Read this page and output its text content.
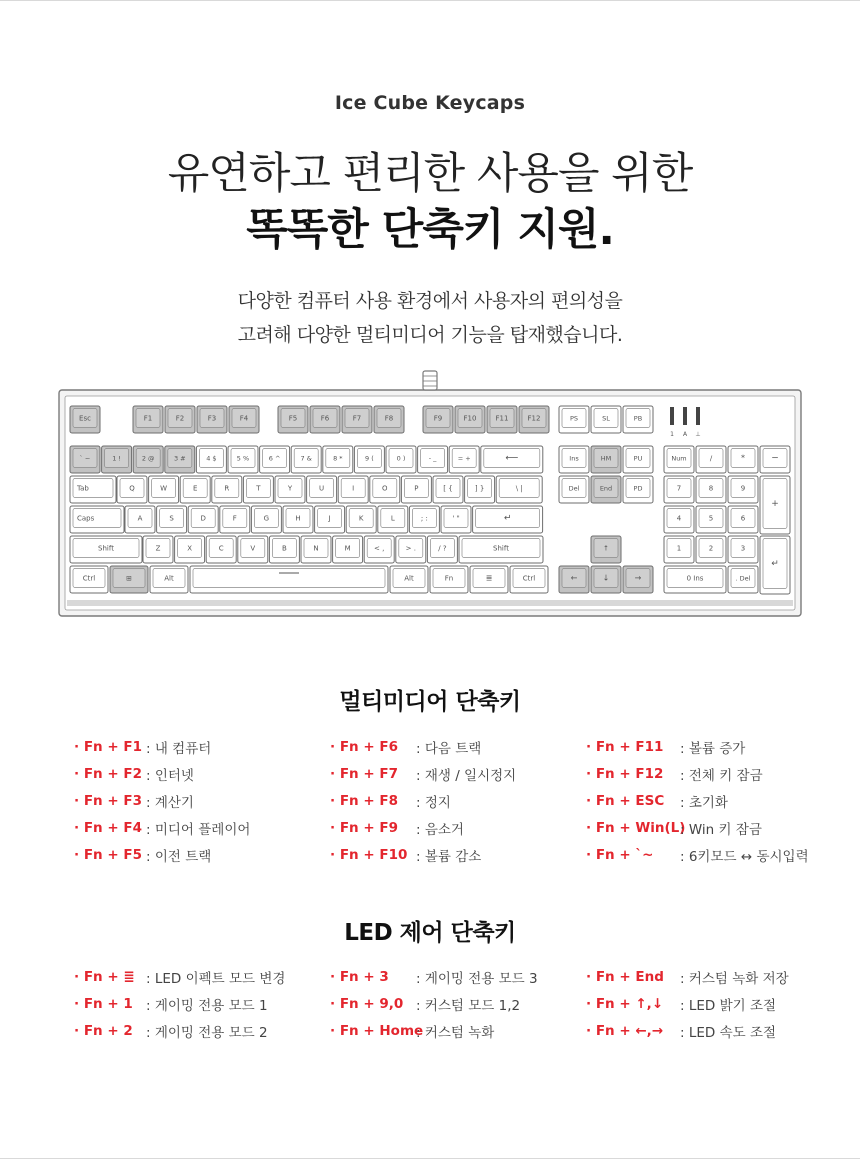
Ice Cube Keycaps
유연하고 편리한 사용을 위한
똑똑한 단축키 지원.
다양한 컴퓨터 사용 환경에서 사용자의 편의성을
고려해 다양한 멀티미디어 기능을 탑재했습니다.
Esc	F1	F2	F3	F4	F5	F6	F7	F8	F9	F10	F11	F12	PS	SL	PB
1 A ⊥
` ~	1 !	2 @	3 #	4 $	5 %	6 ^	7 &	8 *	9 (	0 )	- _	= +	⟵	Ins	HM	PU	Num	/	*	−
Tab	Q	W	E	R	T	Y	U	I	O	P	[ {	] }	\ |	Del	End	PD	7	8	9
+
Caps	A	S	D	F	G	H	J	K	L	; :	' "	↵	4	5	6
Shift	Z	X	C	V	B	N	M	< ,	> .	/ ?	Shift	↑	1	2	3
↵
Ctrl	⊞	Alt	Alt	Fn	≣	Ctrl	←	↓	→	0 Ins	. Del
멀티미디어 단축키
· Fn + F1 : 내 컴퓨터
· Fn + F2 : 인터넷
· Fn + F3 : 계산기
· Fn + F4 : 미디어 플레이어
· Fn + F5 : 이전 트랙
· Fn + F6	: 다음 트랙
· Fn + F7	: 재생 / 일시정지
· Fn + F8	: 정지
· Fn + F9	: 음소거
· Fn + F10 : 볼륨 감소
· Fn + F11	: 볼륨 증가
· Fn + F12	: 전체 키 잠금
· Fn + ESC	: 초기화
· Fn + Win(L)
: Win 키 잠금
· Fn + `~	: 6키모드 ↔ 동시입력
LED 제어 단축키
· Fn + ≣ : LED 이펙트 모드 변경
· Fn + 1 : 게이밍 전용 모드 1
· Fn + 2 : 게이밍 전용 모드 2
· Fn + 3	: 게이밍 전용 모드 3
· Fn + 9,0 : 커스텀 모드 1,2
· Fn + Home
: 커스텀 녹화
· Fn + End	: 커스텀 녹화 저장
· Fn + ↑,↓	: LED 밝기 조절
· Fn + ←,→	: LED 속도 조절
